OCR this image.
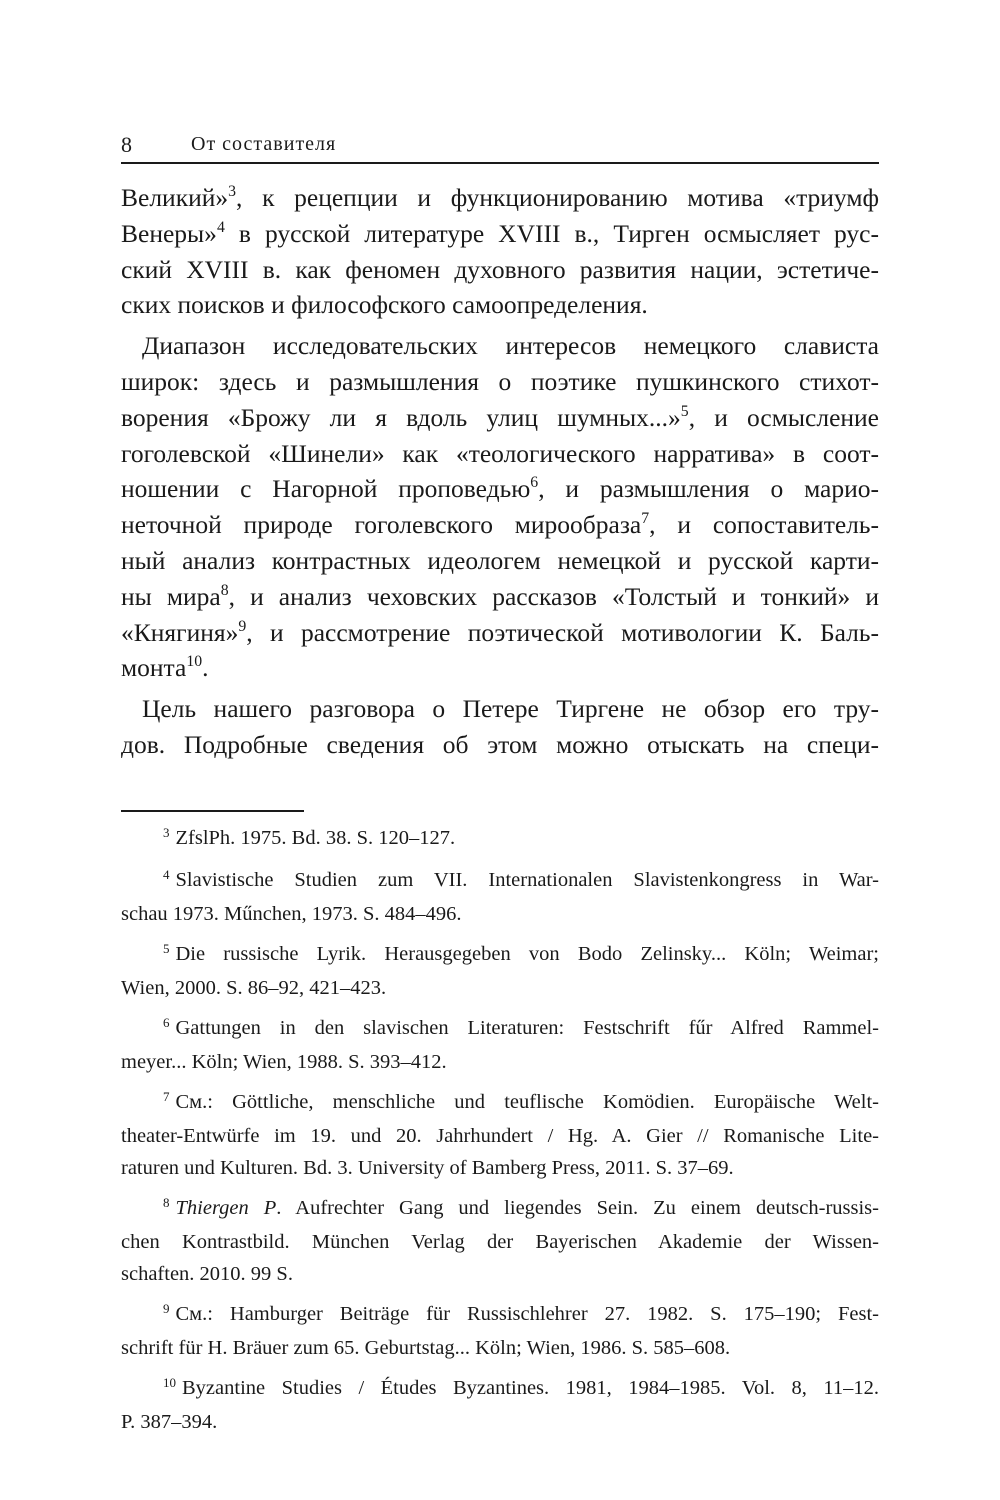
8	От составителя
Великий»$^3$, к рецепции и функционированию мотива «триумф
Венеры»$^4$ в русской литературе XVIII в., Тирген осмысляет рус-
ский XVIII в. как феномен духовного развития нации, эстетиче-
ских поисков и философского самоопределения.
Диапазон исследовательских интересов немецкого слависта
широк: здесь и размышления о поэтике пушкинского стихот-
ворения «Брожу ли я вдоль улиц шумных...»$^5$, и осмысление
гоголевской «Шинели» как «теологического нарратива» в соот-
ношении с Нагорной проповедью$^6$, и размышления о марио-
неточной природе гоголевского мирообраза$^7$, и сопоставитель-
ный анализ контрастных идеологем немецкой и русской карти-
ны мира$^8$, и анализ чеховских рассказов «Толстый и тонкий» и
«Княгиня»$^9$, и рассмотрение поэтической мотивологии К. Баль-
монта$^{10}$.
Цель нашего разговора о Петере Тиргене не обзор его тру-
дов. Подробные сведения об этом можно отыскать на специ-
$^3$ ZfslPh. 1975. Bd. 38. S. 120–127.
$^4$ Slavistische Studien zum VII. Internationalen Slavistenkongress in War-
schau 1973. Műnchen, 1973. S. 484–496.
$^5$ Die russische Lyrik. Herausgegeben von Bodo Zelinsky... Köln; Weimar;
Wien, 2000. S. 86–92, 421–423.
$^6$ Gattungen in den slavischen Literaturen: Festschrift fűr Alfred Rammel-
meyer... Köln; Wien, 1988. S. 393–412.
$^7$ См.: Göttliche, menschliche und teuflische Komödien. Europäische Welt-
theater-Entwürfe im 19. und 20. Jahrhundert / Hg. A. Gier // Romanische Lite-
raturen und Kulturen. Bd. 3. University of Bamberg Press, 2011. S. 37–69.
$^8$ Thiergen P. Aufrechter Gang und liegendes Sein. Zu einem deutsch-russis-
chen Kontrastbild. München Verlag der Bayerischen Akademie der Wissen-
schaften. 2010. 99 S.
$^9$ См.: Hamburger Beiträge für Russischlehrer 27. 1982. S. 175–190; Fest-
schrift für H. Bräuer zum 65. Geburtstag... Köln; Wien, 1986. S. 585–608.
$^{10}$ Byzantine Studies / Études Byzantines. 1981, 1984–1985. Vol. 8, 11–12.
P. 387–394.
